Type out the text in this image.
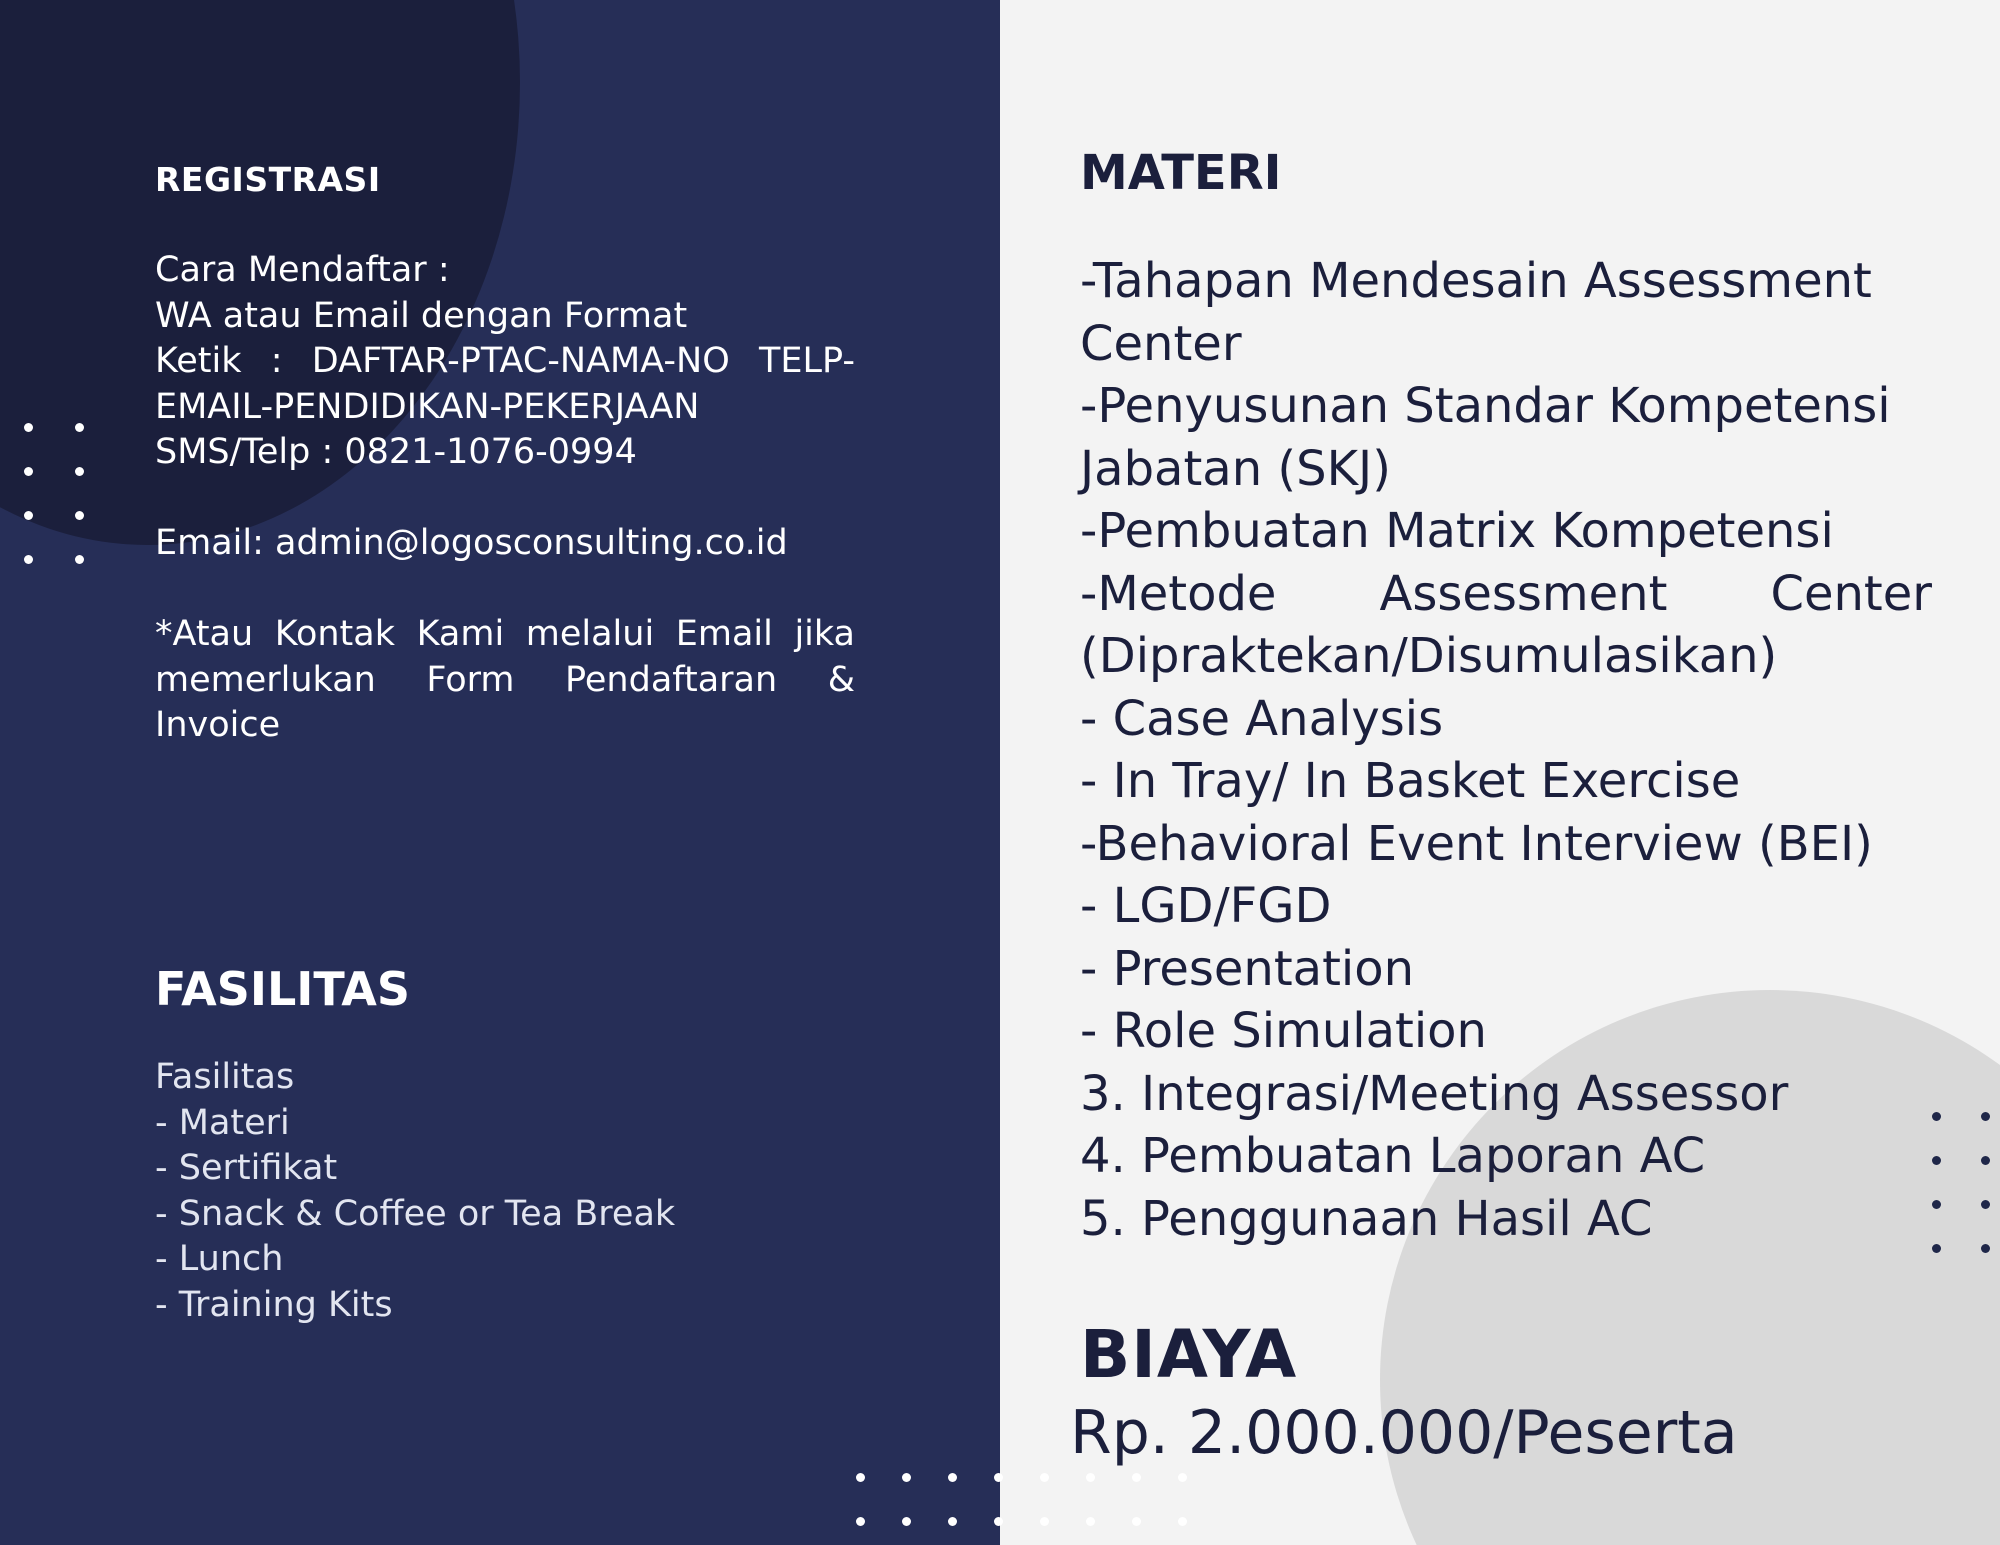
REGISTRASI

Cara Mendaftar :

WA atau Email dengan Format

Ketik : DAFTAR-PTAC-NAMA-NO TELP-EMAIL-PENDIDIKAN-PEKERJAAN

SMS/Telp : 0821-1076-0994

Email: admin@logosconsulting.co.id

*Atau Kontak Kami melalui Email jika memerlukan Form Pendaftaran & Invoice

FASILITAS
Fasilitas
- Materi
- Sertifikat
- Snack & Coffee or Tea Break
- Lunch
- Training Kits
MATERI
-Tahapan Mendesain Assessment Center
-Penyusunan Standar Kompetensi Jabatan (SKJ)
-Pembuatan Matrix Kompetensi
-Metode Assessment Center (Dipraktekan/Disumulasikan)
- Case Analysis
- In Tray/ In Basket Exercise
-Behavioral Event Interview (BEI)
- LGD/FGD
- Presentation
- Role Simulation
3. Integrasi/Meeting Assessor
4. Pembuatan Laporan AC
5. Penggunaan Hasil AC
BIAYA

Rp. 2.000.000/Peserta
